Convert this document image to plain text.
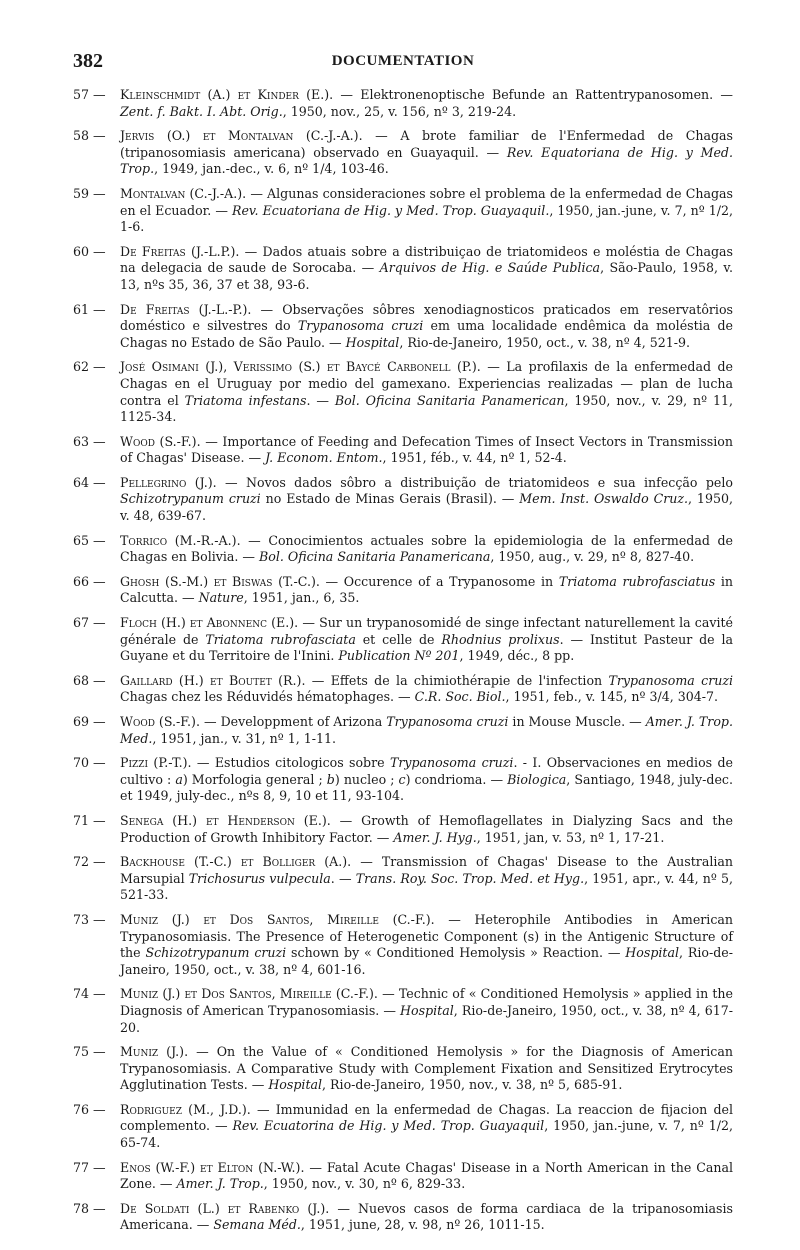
382	DOCUMENTATION
57 —	Kleinschmidt (A.) et Kinder (E.). — Elektronenoptische Befunde an Rattentrypanosomen. — Zent. f. Bakt. I. Abt. Orig., 1950, nov., 25, v. 156, nº 3, 219-24.
58 —	Jervis (O.) et Montalvan (C.-J.-A.). — A brote familiar de l'Enfermedad de Chagas (tripanosomiasis americana) observado en Guayaquil. — Rev. Equatoriana de Hig. y Med. Trop., 1949, jan.-dec., v. 6, nº 1/4, 103-46.
59 —	Montalvan (C.-J.-A.). — Algunas consideraciones sobre el problema de la enfermedad de Chagas en el Ecuador. — Rev. Ecuatoriana de Hig. y Med. Trop. Guayaquil., 1950, jan.-june, v. 7, nº 1/2, 1-6.
60 —	De Freitas (J.-L.P.). — Dados atuais sobre a distribuiçao de triatomideos e moléstia de Chagas na delegacia de saude de Sorocaba. — Arquivos de Hig. e Saúde Publica, São-Paulo, 1958, v. 13, nºs 35, 36, 37 et 38, 93-6.
61 —	De Freitas (J.-L.-P.). — Observações sôbres xenodiagnosticos praticados em reservatôrios doméstico e silvestres do Trypanosoma cruzi em uma localidade endêmica da moléstia de Chagas no Estado de São Paulo. — Hospital, Rio-de-Janeiro, 1950, oct., v. 38, nº 4, 521-9.
62 —	José Osimani (J.), Verissimo (S.) et Baycé Carbonell (P.). — La profilaxis de la enfermedad de Chagas en el Uruguay por medio del gamexano. Experiencias realizadas — plan de lucha contra el Triatoma infestans. — Bol. Oficina Sanitaria Panamerican, 1950, nov., v. 29, nº 11, 1125-34.
63 —	Wood (S.-F.). — Importance of Feeding and Defecation Times of Insect Vectors in Transmission of Chagas' Disease. — J. Econom. Entom., 1951, féb., v. 44, nº 1, 52-4.
64 —	Pellegrino (J.). — Novos dados sôbro a distribuição de triatomideos e sua infecção pelo Schizotrypanum cruzi no Estado de Minas Gerais (Brasil). — Mem. Inst. Oswaldo Cruz., 1950, v. 48, 639-67.
65 —	Torrico (M.-R.-A.). — Conocimientos actuales sobre la epidemiologia de la enfermedad de Chagas en Bolivia. — Bol. Oficina Sanitaria Panamericana, 1950, aug., v. 29, nº 8, 827-40.
66 —	Ghosh (S.-M.) et Biswas (T.-C.). — Occurence of a Trypanosome in Triatoma rubrofasciatus in Calcutta. — Nature, 1951, jan., 6, 35.
67 —	Floch (H.) et Abonnenc (E.). — Sur un trypanosomidé de singe infectant naturellement la cavité générale de Triatoma rubrofasciata et celle de Rhodnius prolixus. — Institut Pasteur de la Guyane et du Territoire de l'Inini. Publication Nº 201, 1949, déc., 8 pp.
68 —	Gaillard (H.) et Boutet (R.). — Effets de la chimiothérapie de l'infection Trypanosoma cruzi Chagas chez les Réduvidés hématophages. — C.R. Soc. Biol., 1951, feb., v. 145, nº 3/4, 304-7.
69 —	Wood (S.-F.). — Developpment of Arizona Trypanosoma cruzi in Mouse Muscle. — Amer. J. Trop. Med., 1951, jan., v. 31, nº 1, 1-11.
70 —	Pizzi (P.-T.). — Estudios citologicos sobre Trypanosoma cruzi. - I. Observaciones en medios de cultivo : a) Morfologia general ; b) nucleo ; c) condrioma. — Biologica, Santiago, 1948, july-dec. et 1949, july-dec., nºs 8, 9, 10 et 11, 93-104.
71 —	Senega (H.) et Henderson (E.). — Growth of Hemoflagellates in Dialyzing Sacs and the Production of Growth Inhibitory Factor. — Amer. J. Hyg., 1951, jan, v. 53, nº 1, 17-21.
72 —	Backhouse (T.-C.) et Bolliger (A.). — Transmission of Chagas' Disease to the Australian Marsupial Trichosurus vulpecula. — Trans. Roy. Soc. Trop. Med. et Hyg., 1951, apr., v. 44, nº 5, 521-33.
73 —	Muniz (J.) et Dos Santos, Mireille (C.-F.). — Heterophile Antibodies in American Trypanosomiasis. The Presence of Heterogenetic Component (s) in the Antigenic Structure of the Schizotrypanum cruzi schown by « Conditioned Hemolysis » Reaction. — Hospital, Rio-de-Janeiro, 1950, oct., v. 38, nº 4, 601-16.
74 —	Muniz (J.) et Dos Santos, Mireille (C.-F.). — Technic of « Conditioned Hemolysis » applied in the Diagnosis of American Trypanosomiasis. — Hospital, Rio-de-Janeiro, 1950, oct., v. 38, nº 4, 617-20.
75 —	Muniz (J.). — On the Value of « Conditioned Hemolysis » for the Diagnosis of American Trypanosomiasis. A Comparative Study with Complement Fixation and Sensitized Erytrocytes Agglutination Tests. — Hospital, Rio-de-Janeiro, 1950, nov., v. 38, nº 5, 685-91.
76 —	Rodriguez (M., J.D.). — Immunidad en la enfermedad de Chagas. La reaccion de fijacion del complemento. — Rev. Ecuatorina de Hig. y Med. Trop. Guayaquil, 1950, jan.-june, v. 7, nº 1/2, 65-74.
77 —	Enos (W.-F.) et Elton (N.-W.). — Fatal Acute Chagas' Disease in a North American in the Canal Zone. — Amer. J. Trop., 1950, nov., v. 30, nº 6, 829-33.
78 —	De Soldati (L.) et Rabenko (J.). — Nuevos casos de forma cardiaca de la tripanosomiasis Americana. — Semana Méd., 1951, june, 28, v. 98, nº 26, 1011-15.
